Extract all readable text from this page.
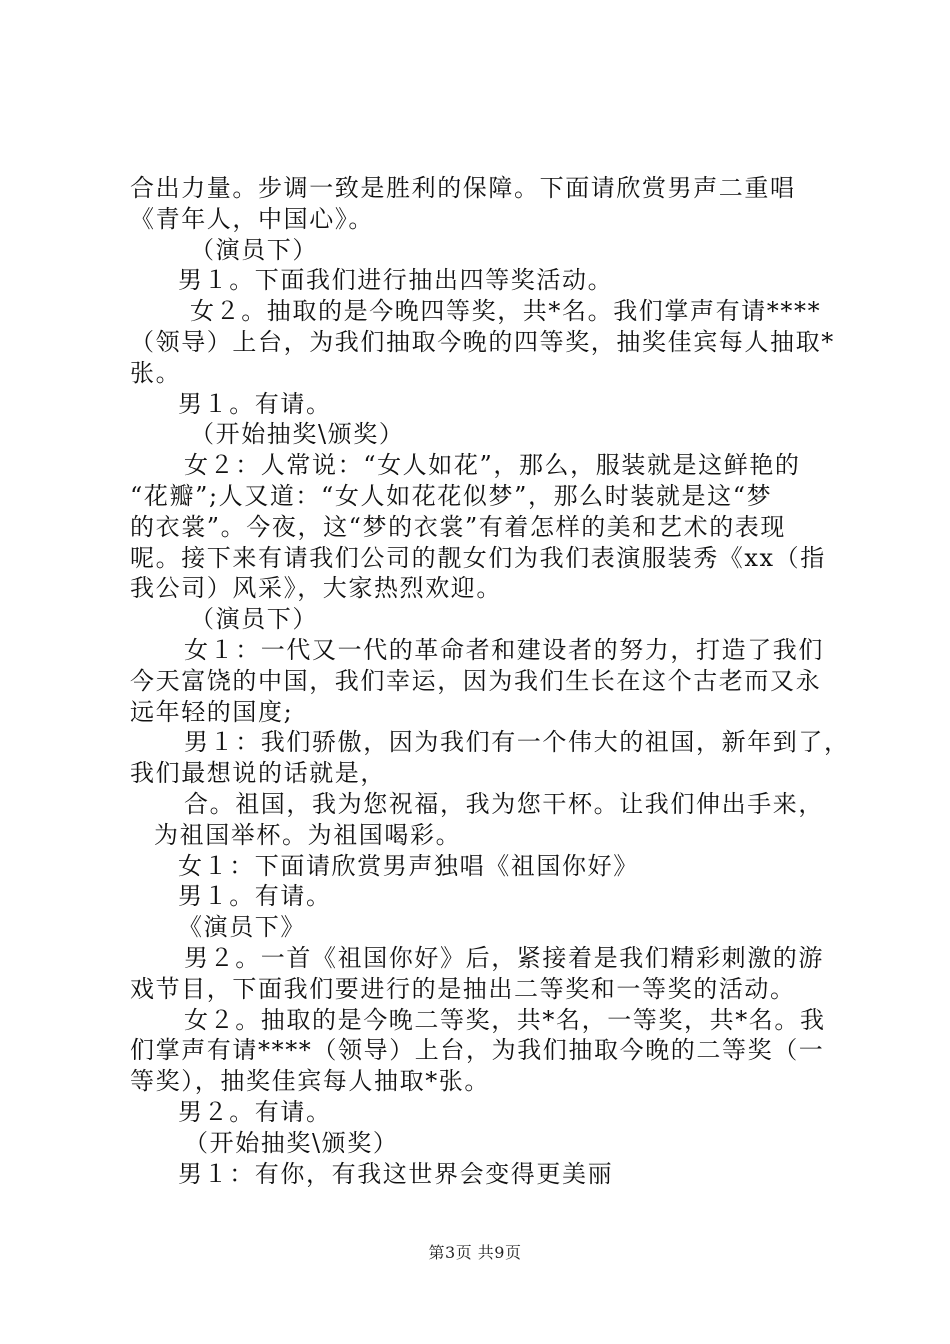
合出力量。步调一致是胜利的保障。下面请欣赏男声二重唱
《青年人，中国心》。
（演员下）
男１。下面我们进行抽出四等奖活动。
女２。抽取的是今晚四等奖，共*名。我们掌声有请****
（领导）上台，为我们抽取今晚的四等奖，抽奖佳宾每人抽取*
张。
男１。有请。
（开始抽奖\颁奖）
女２：人常说：“女人如花”，那么，服装就是这鲜艳的
“花瓣”;人又道：“女人如花花似梦”，那么时装就是这“梦
的衣裳”。今夜，这“梦的衣裳”有着怎样的美和艺术的表现
呢。接下来有请我们公司的靓女们为我们表演服装秀《xx（指
我公司）风采》，大家热烈欢迎。
（演员下）
女１：一代又一代的革命者和建设者的努力，打造了我们
今天富饶的中国，我们幸运，因为我们生长在这个古老而又永
远年轻的国度;
男１：我们骄傲，因为我们有一个伟大的祖国，新年到了，
我们最想说的话就是，
合。祖国，我为您祝福，我为您干杯。让我们伸出手来，
为祖国举杯。为祖国喝彩。
女１：下面请欣赏男声独唱《祖国你好》
男１。有请。
《演员下》
男２。一首《祖国你好》后，紧接着是我们精彩刺激的游
戏节目，下面我们要进行的是抽出二等奖和一等奖的活动。
女２。抽取的是今晚二等奖，共*名，一等奖，共*名。我
们掌声有请****（领导）上台，为我们抽取今晚的二等奖（一
等奖），抽奖佳宾每人抽取*张。
男２。有请。
（开始抽奖\颁奖）
男１：有你，有我这世界会变得更美丽
第3页 共9页
